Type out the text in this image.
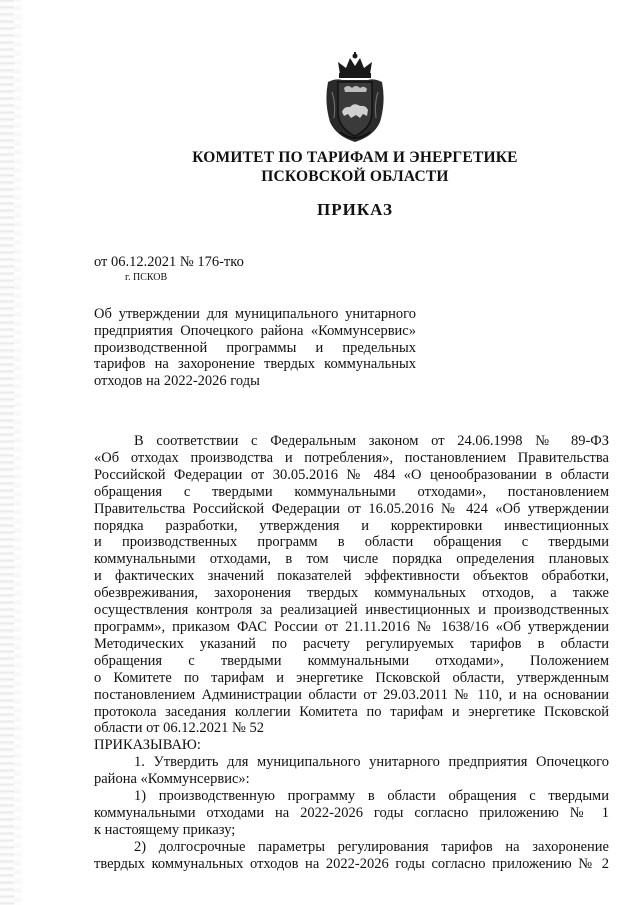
КОМИТЕТ ПО ТАРИФАМ И ЭНЕРГЕТИКЕ
ПСКОВСКОЙ ОБЛАСТИ
ПРИКАЗ
от 06.12.2021 № 176-тко
г. ПСКОВ
Об утверждении для муниципального унитарного
предприятия Опочецкого района «Коммунсервис»
производственной программы и предельных
тарифов на захоронение твердых коммунальных
отходов на 2022-2026 годы

В соответствии с Федеральным законом от 24.06.1998 № 89-ФЗ
«Об отходах производства и потребления», постановлением Правительства
Российской Федерации от 30.05.2016 № 484 «О ценообразовании в области
обращения с твердыми коммунальными отходами», постановлением
Правительства Российской Федерации от 16.05.2016 № 424 «Об утверждении
порядка разработки, утверждения и корректировки инвестиционных
и производственных программ в области обращения с твердыми
коммунальными отходами, в том числе порядка определения плановых
и фактических значений показателей эффективности объектов обработки,
обезвреживания, захоронения твердых коммунальных отходов, а также
осуществления контроля за реализацией инвестиционных и производственных
программ», приказом ФАС России от 21.11.2016 № 1638/16 «Об утверждении
Методических указаний по расчету регулируемых тарифов в области
обращения с твердыми коммунальными отходами», Положением
о Комитете по тарифам и энергетике Псковской области, утвержденным
постановлением Администрации области от 29.03.2011 № 110, и на основании
протокола заседания коллегии Комитета по тарифам и энергетике Псковской
области от 06.12.2021 № 52

ПРИКАЗЫВАЮ:

1. Утвердить для муниципального унитарного предприятия Опочецкого
района «Коммунсервис»:

1) производственную программу в области обращения с твердыми
коммунальными отходами на 2022-2026 годы согласно приложению № 1
к настоящему приказу;

2) долгосрочные параметры регулирования тарифов на захоронение
твердых коммунальных отходов на 2022-2026 годы согласно приложению № 2
